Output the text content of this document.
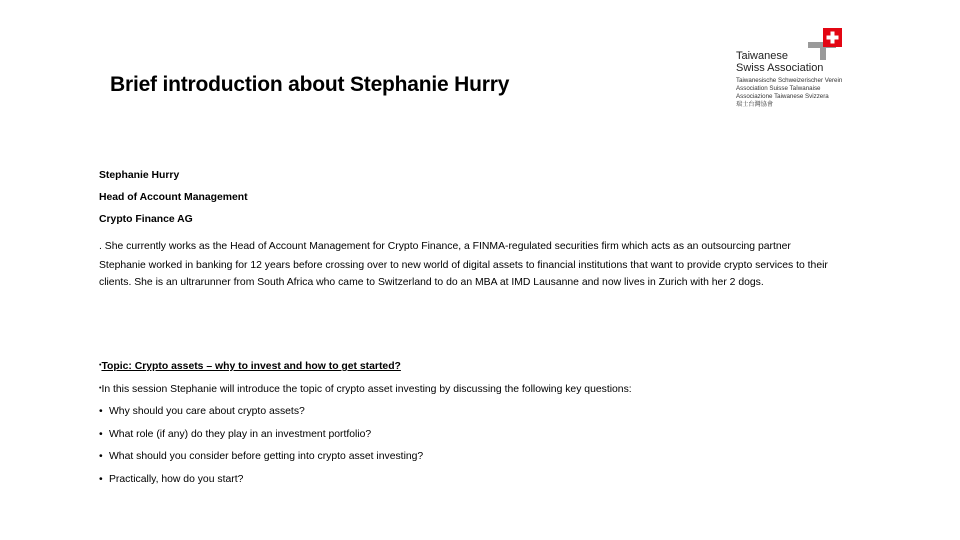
Brief introduction about Stephanie Hurry
Taiwanese
Swiss Association
Taiwanesische Schweizerischer Verein
Association Suisse Taïwanaise
Associazione Taiwanese Svizzera
瑞士台灣協會
Stephanie Hurry
Head of Account Management
Crypto Finance AG
. She currently works as the Head of Account Management for Crypto Finance, a FINMA-regulated securities firm which acts as an outsourcing partner
Stephanie worked in banking for 12 years before crossing over to new world of digital assets to financial institutions that want to provide crypto services to their clients. She is an ultrarunner from South Africa who came to Switzerland to do an MBA at IMD Lausanne and now lives in Zurich with her 2 dogs.
•Topic: Crypto assets – why to invest and how to get started?
•In this session Stephanie will introduce the topic of crypto asset investing by discussing the following key questions:
• Why should you care about crypto assets?
• What role (if any) do they play in an investment portfolio?
• What should you consider before getting into crypto asset investing?
• Practically, how do you start?
